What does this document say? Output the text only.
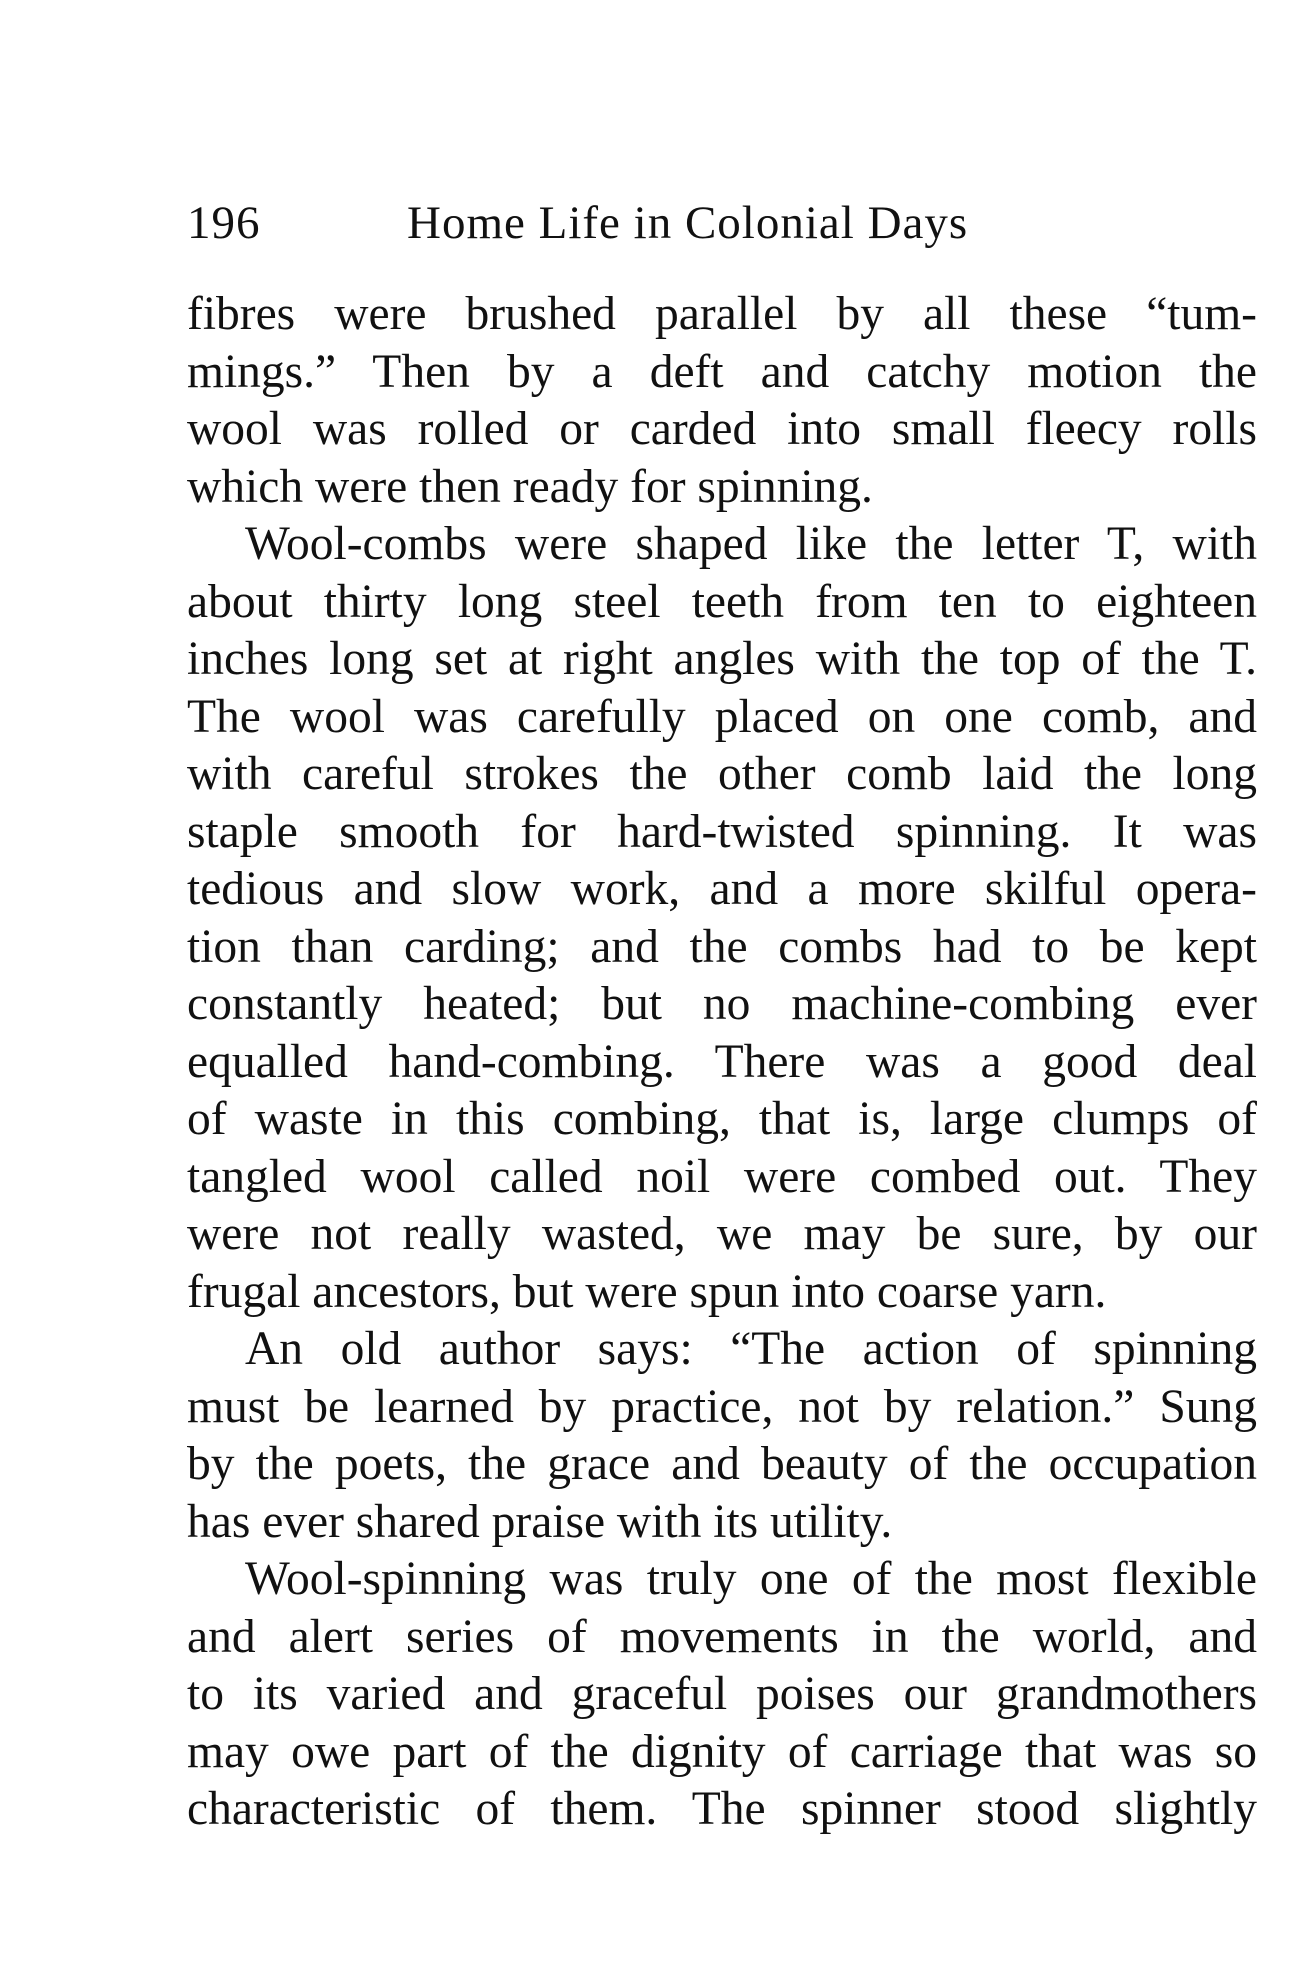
196	Home Life in Colonial Days
fibres were brushed parallel by all these “tum-
mings.” Then by a deft and catchy motion the
wool was rolled or carded into small fleecy rolls
which were then ready for spinning.
Wool-combs were shaped like the letter T, with
about thirty long steel teeth from ten to eighteen
inches long set at right angles with the top of the T.
The wool was carefully placed on one comb, and
with careful strokes the other comb laid the long
staple smooth for hard-twisted spinning. It was
tedious and slow work, and a more skilful opera-
tion than carding; and the combs had to be kept
constantly heated; but no machine-combing ever
equalled hand-combing. There was a good deal
of waste in this combing, that is, large clumps of
tangled wool called noil were combed out. They
were not really wasted, we may be sure, by our
frugal ancestors, but were spun into coarse yarn.
An old author says: “The action of spinning
must be learned by practice, not by relation.” Sung
by the poets, the grace and beauty of the occupation
has ever shared praise with its utility.
Wool-spinning was truly one of the most flexible
and alert series of movements in the world, and
to its varied and graceful poises our grandmothers
may owe part of the dignity of carriage that was so
characteristic of them. The spinner stood slightly
